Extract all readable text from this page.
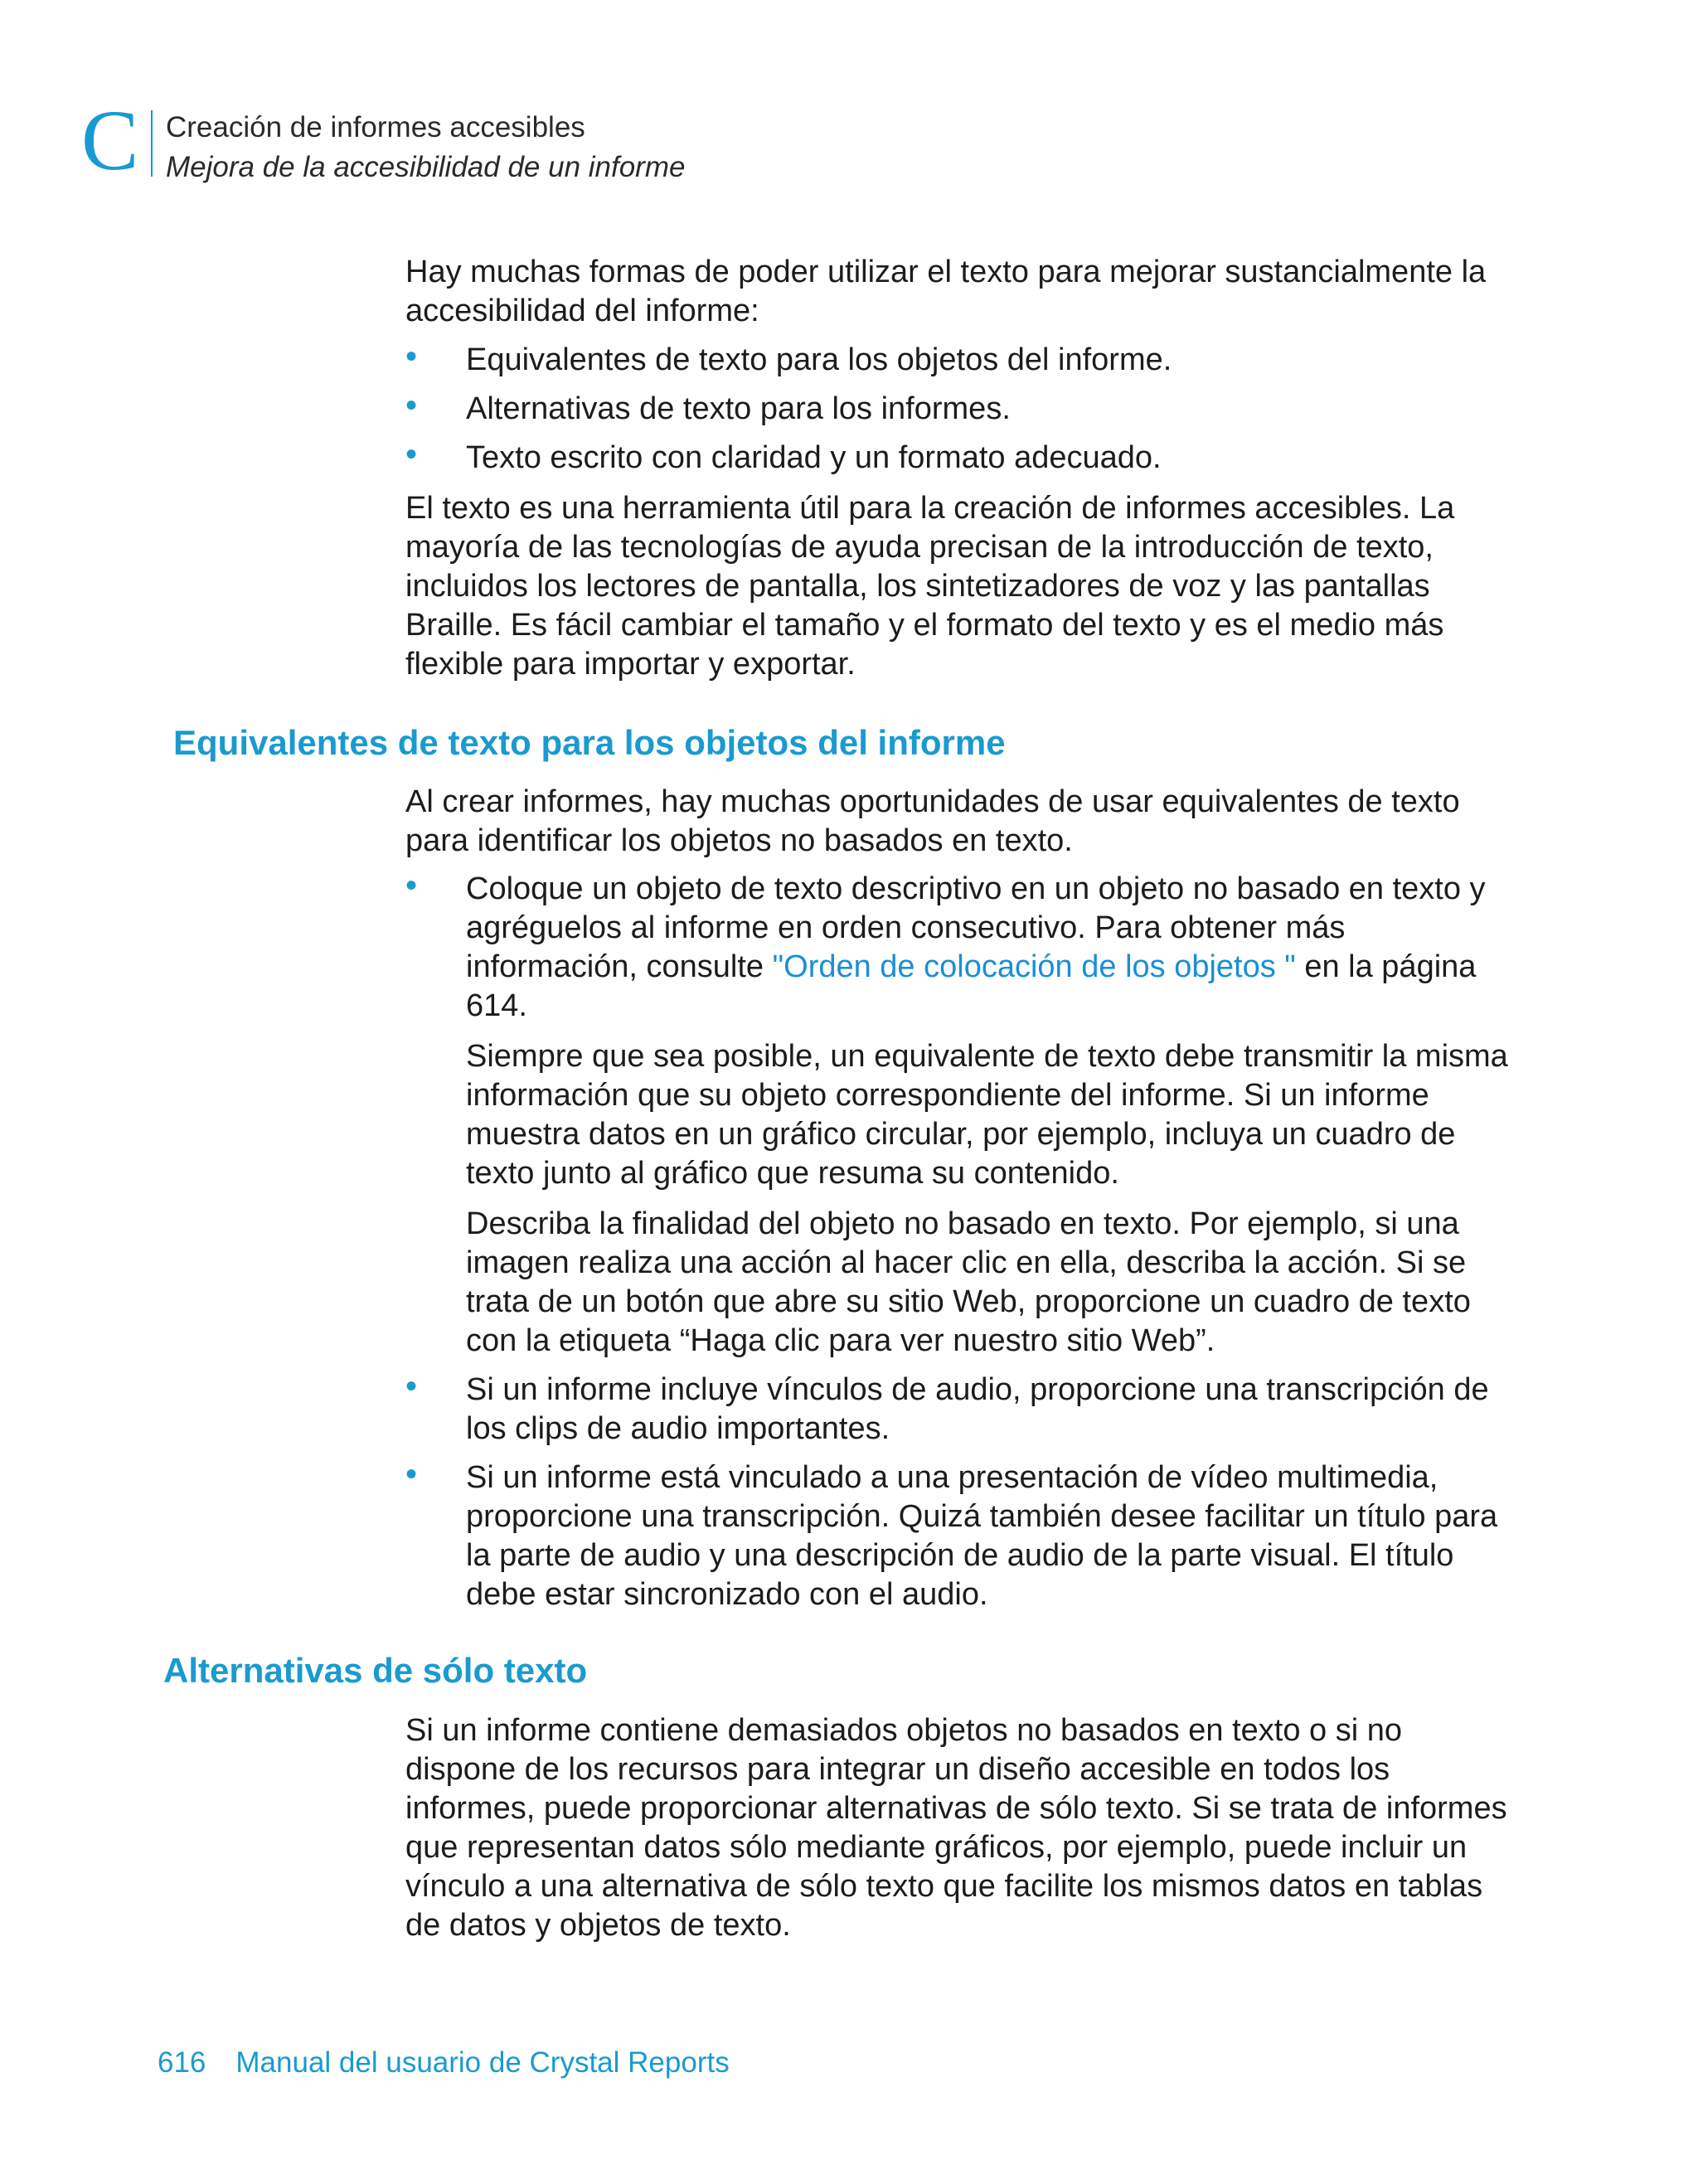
C Creación de informes accesibles
Mejora de la accesibilidad de un informe

Hay muchas formas de poder utilizar el texto para mejorar sustancialmente la accesibilidad del informe:

• Equivalentes de texto para los objetos del informe.
• Alternativas de texto para los informes.
• Texto escrito con claridad y un formato adecuado.

El texto es una herramienta útil para la creación de informes accesibles. La mayoría de las tecnologías de ayuda precisan de la introducción de texto, incluidos los lectores de pantalla, los sintetizadores de voz y las pantallas Braille. Es fácil cambiar el tamaño y el formato del texto y es el medio más flexible para importar y exportar.

Equivalentes de texto para los objetos del informe

Al crear informes, hay muchas oportunidades de usar equivalentes de texto para identificar los objetos no basados en texto.

• Coloque un objeto de texto descriptivo en un objeto no basado en texto y agréguelos al informe en orden consecutivo. Para obtener más información, consulte "Orden de colocación de los objetos " en la página 614.

Siempre que sea posible, un equivalente de texto debe transmitir la misma información que su objeto correspondiente del informe. Si un informe muestra datos en un gráfico circular, por ejemplo, incluya un cuadro de texto junto al gráfico que resuma su contenido.

Describa la finalidad del objeto no basado en texto. Por ejemplo, si una imagen realiza una acción al hacer clic en ella, describa la acción. Si se trata de un botón que abre su sitio Web, proporcione un cuadro de texto con la etiqueta “Haga clic para ver nuestro sitio Web”.

• Si un informe incluye vínculos de audio, proporcione una transcripción de los clips de audio importantes.
• Si un informe está vinculado a una presentación de vídeo multimedia, proporcione una transcripción. Quizá también desee facilitar un título para la parte de audio y una descripción de audio de la parte visual. El título debe estar sincronizado con el audio.
Alternativas de sólo texto

Si un informe contiene demasiados objetos no basados en texto o si no dispone de los recursos para integrar un diseño accesible en todos los informes, puede proporcionar alternativas de sólo texto. Si se trata de informes que representan datos sólo mediante gráficos, por ejemplo, puede incluir un vínculo a una alternativa de sólo texto que facilite los mismos datos en tablas de datos y objetos de texto.

616 Manual del usuario de Crystal Reports
